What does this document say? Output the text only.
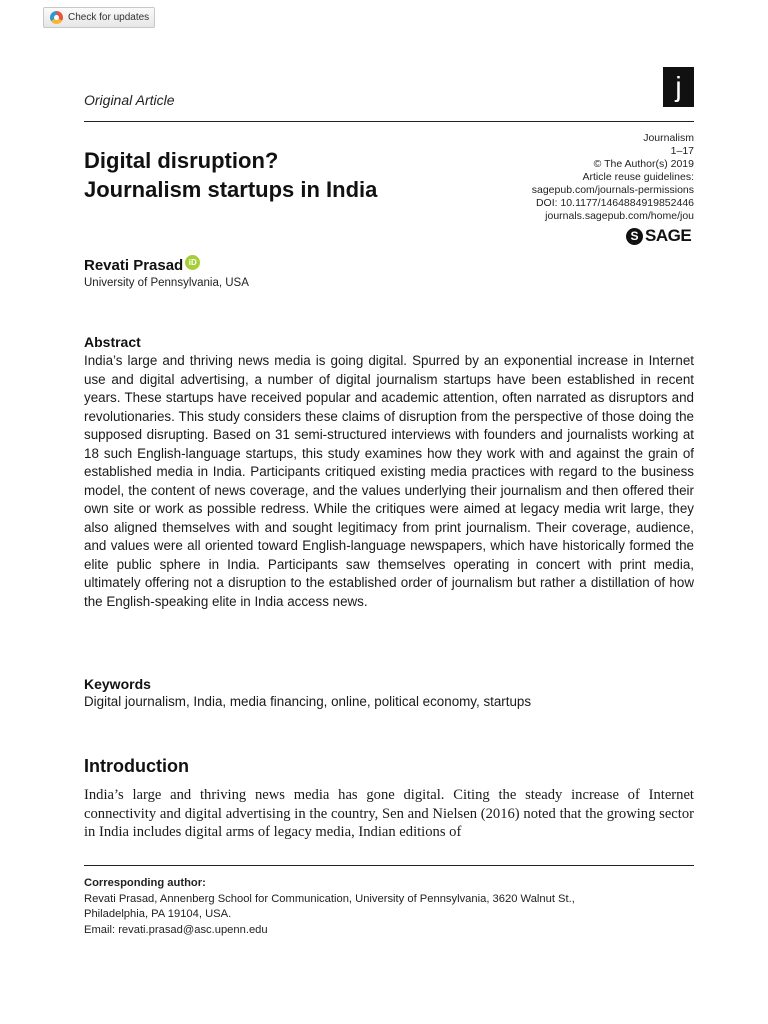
Check for updates
Original Article	j
Digital disruption?
Journalism startups in India
Journalism
1–17
© The Author(s) 2019
Article reuse guidelines:
sagepub.com/journals-permissions
DOI: 10.1177/1464884919852446
journals.sagepub.com/home/jou
S SAGE
Revati Prasad iD
University of Pennsylvania, USA
Abstract

India’s large and thriving news media is going digital. Spurred by an exponential increase in Internet use and digital advertising, a number of digital journalism startups have been established in recent years. These startups have received popular and academic attention, often narrated as disruptors and revolutionaries. This study considers these claims of disruption from the perspective of those doing the supposed disrupting. Based on 31 semi-structured interviews with founders and journalists working at 18 such English-language startups, this study examines how they work with and against the grain of established media in India. Participants critiqued existing media practices with regard to the business model, the content of news coverage, and the values underlying their journalism and then offered their own site or work as possible redress. While the critiques were aimed at legacy media writ large, they also aligned themselves with and sought legitimacy from print journalism. Their coverage, audience, and values were all oriented toward English-language newspapers, which have historically formed the elite public sphere in India. Participants saw themselves operating in concert with print media, ultimately offering not a disruption to the established order of journalism but rather a distillation of how the English-speaking elite in India access news.

Keywords

Digital journalism, India, media financing, online, political economy, startups

Introduction

India’s large and thriving news media has gone digital. Citing the steady increase of Internet connectivity and digital advertising in the country, Sen and Nielsen (2016) noted that the growing sector in India includes digital arms of legacy media, Indian editions of

Corresponding author:
Revati Prasad, Annenberg School for Communication, University of Pennsylvania, 3620 Walnut St.,
Philadelphia, PA 19104, USA.
Email: revati.prasad@asc.upenn.edu
